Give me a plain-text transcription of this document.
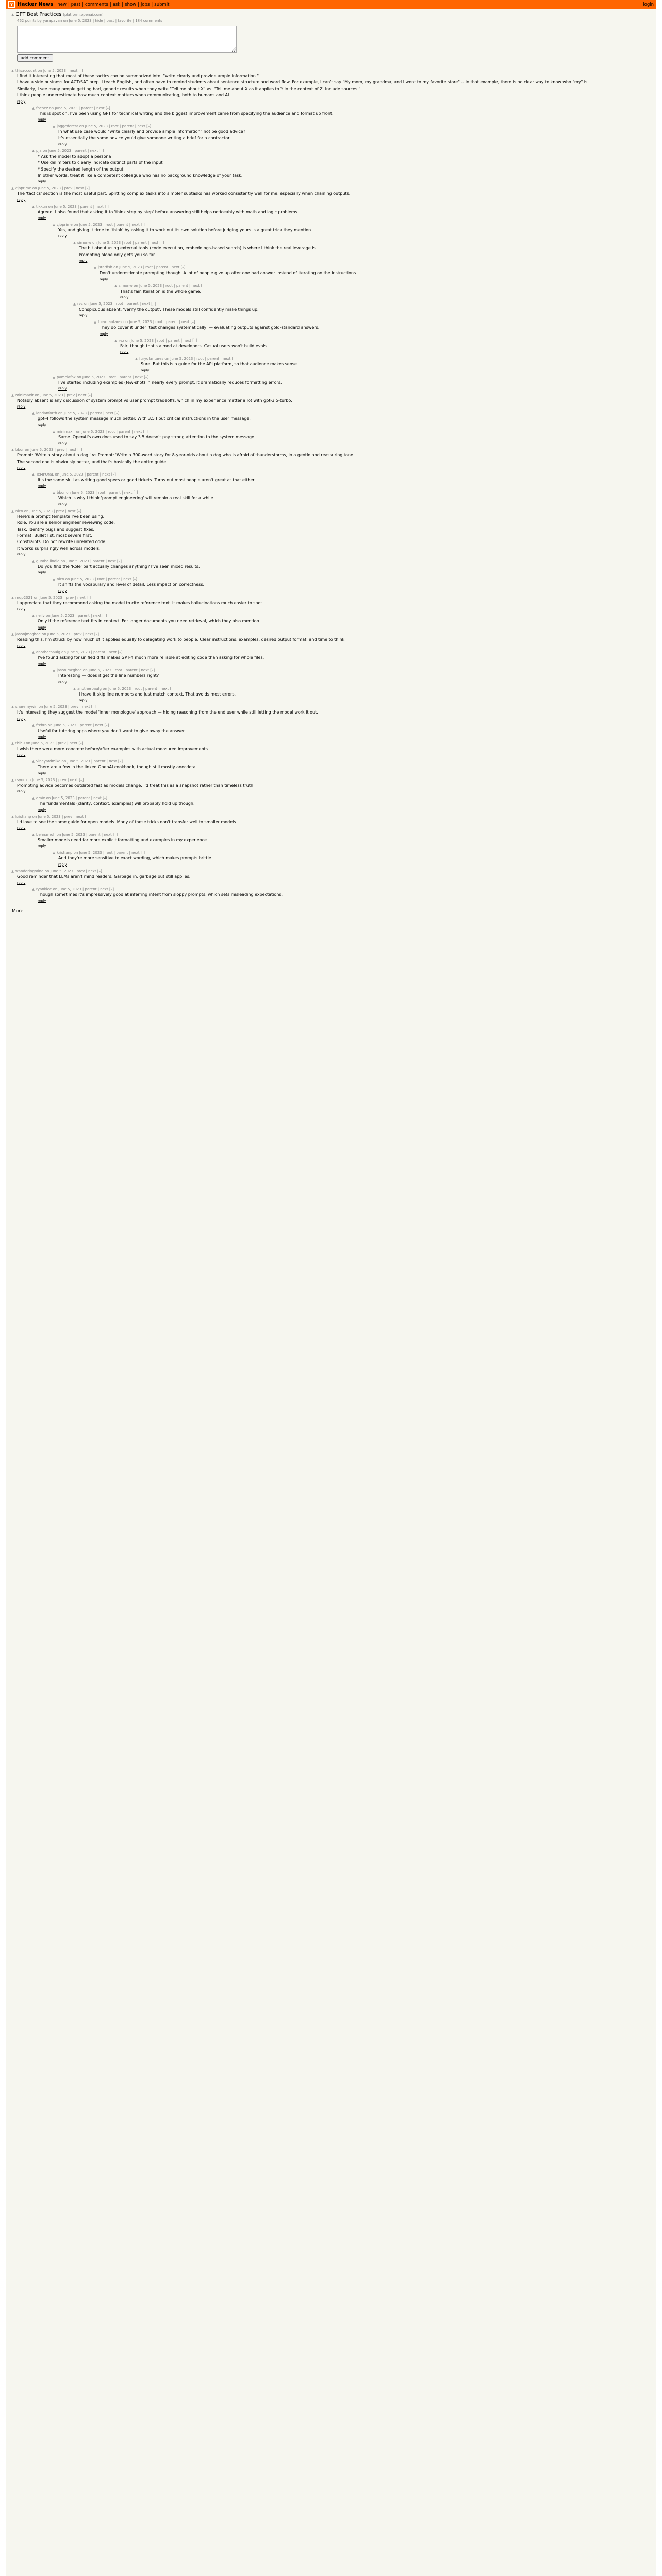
Y Hacker News new | past | comments | ask | show | jobs | submit	login
▲ GPT Best Practices (platform.openai.com)
462 points by yarapavan on June 5, 2023 | hide | past | favorite | 184 comments
add comment
▲ thisaccount on June 5, 2023 | next [–]

I find it interesting that most of these tactics can be summarized into: "write clearly and provide ample information."

I have a side business for ACT/SAT prep. I teach English, and often have to remind students about sentence structure and word flow. For example, I can't say "My mom, my grandma, and I went to my favorite store" -- in that example, there is no clear way to know who "my" is.

Similarly, I see many people getting bad, generic results when they write "Tell me about X" vs. "Tell me about X as it applies to Y in the context of Z. Include sources."

I think people underestimate how much context matters when communicating, both to humans and AI.

reply
▲ fbchez on June 5, 2023 | parent | next [–]

This is spot on. I've been using GPT for technical writing and the biggest improvement came from specifying the audience and format up front.

reply
▲ jaggederest on June 5, 2023 | root | parent | next [–]

In what use case would "write clearly and provide ample information" not be good advice?

It's essentially the same advice you'd give someone writing a brief for a contractor.

reply
▲ pja on June 5, 2023 | parent | next [–]

* Ask the model to adopt a persona

* Use delimiters to clearly indicate distinct parts of the input

* Specify the desired length of the output

In other words, treat it like a competent colleague who has no background knowledge of your task.

reply
▲ cjbprime on June 5, 2023 | prev | next [–]

The 'tactics' section is the most useful part. Splitting complex tasks into simpler subtasks has worked consistently well for me, especially when chaining outputs.

reply
▲ tikkun on June 5, 2023 | parent | next [–]

Agreed. I also found that asking it to 'think step by step' before answering still helps noticeably with math and logic problems.

reply
▲ cjbprime on June 5, 2023 | root | parent | next [–]

Yes, and giving it time to 'think' by asking it to work out its own solution before judging yours is a great trick they mention.

reply
▲ simonw on June 5, 2023 | root | parent | next [–]

The bit about using external tools (code execution, embeddings-based search) is where I think the real leverage is.

Prompting alone only gets you so far.

reply
▲ jstarfish on June 5, 2023 | root | parent | next [–]

Don't underestimate prompting though. A lot of people give up after one bad answer instead of iterating on the instructions.

reply
▲ simonw on June 5, 2023 | root | parent | next [–]

That's fair. Iteration is the whole game.

reply
▲ rvz on June 5, 2023 | root | parent | next [–]

Conspicuous absent: 'verify the output'. These models still confidently make things up.

reply
▲ furyofantares on June 5, 2023 | root | parent | next [–]

They do cover it under 'test changes systematically' — evaluating outputs against gold-standard answers.

reply
▲ rvz on June 5, 2023 | root | parent | next [–]

Fair, though that's aimed at developers. Casual users won't build evals.

reply
▲ furyofantares on June 5, 2023 | root | parent | next [–]

Sure. But this is a guide for the API platform, so that audience makes sense.

reply
▲ pamelafox on June 5, 2023 | root | parent | next [–]

I've started including examples (few-shot) in nearly every prompt. It dramatically reduces formatting errors.

reply
▲ minimaxir on June 5, 2023 | prev | next [–]

Notably absent is any discussion of system prompt vs user prompt tradeoffs, which in my experience matter a lot with gpt-3.5-turbo.

reply
▲ iandanforth on June 5, 2023 | parent | next [–]

gpt-4 follows the system message much better. With 3.5 I put critical instructions in the user message.

reply
▲ minimaxir on June 5, 2023 | root | parent | next [–]

Same. OpenAI's own docs used to say 3.5 doesn't pay strong attention to the system message.

reply
▲ bbor on June 5, 2023 | prev | next [–]

Prompt: 'Write a story about a dog.' vs Prompt: 'Write a 300-word story for 8-year-olds about a dog who is afraid of thunderstorms, in a gentle and reassuring tone.'

The second one is obviously better, and that's basically the entire guide.

reply
▲ TeMPOraL on June 5, 2023 | parent | next [–]

It's the same skill as writing good specs or good tickets. Turns out most people aren't great at that either.

reply
▲ bbor on June 5, 2023 | root | parent | next [–]

Which is why I think 'prompt engineering' will remain a real skill for a while.

reply
▲ nico on June 5, 2023 | prev | next [–]

Here's a prompt template I've been using:

Role: You are a senior engineer reviewing code.

Task: Identify bugs and suggest fixes.

Format: Bullet list, most severe first.

Constraints: Do not rewrite unrelated code.

It works surprisingly well across models.

reply
▲ gumballindie on June 5, 2023 | parent | next [–]

Do you find the 'Role' part actually changes anything? I've seen mixed results.

reply
▲ nico on June 5, 2023 | root | parent | next [–]

It shifts the vocabulary and level of detail. Less impact on correctness.

reply
▲ mdp2021 on June 5, 2023 | prev | next [–]

I appreciate that they recommend asking the model to cite reference text. It makes hallucinations much easier to spot.

reply
▲ neilv on June 5, 2023 | parent | next [–]

Only if the reference text fits in context. For longer documents you need retrieval, which they also mention.

reply
▲ jasonjmcghee on June 5, 2023 | prev | next [–]

Reading this, I'm struck by how much of it applies equally to delegating work to people. Clear instructions, examples, desired output format, and time to think.

reply
▲ anotherpaulg on June 5, 2023 | parent | next [–]

I've found asking for unified diffs makes GPT-4 much more reliable at editing code than asking for whole files.

reply
▲ jasonjmcghee on June 5, 2023 | root | parent | next [–]

Interesting — does it get the line numbers right?

reply
▲ anotherpaulg on June 5, 2023 | root | parent | next [–]

I have it skip line numbers and just match context. That avoids most errors.

reply
▲ sharemywin on June 5, 2023 | prev | next [–]

It's interesting they suggest the model 'inner monologue' approach — hiding reasoning from the end user while still letting the model work it out.

reply
▲ ftxbro on June 5, 2023 | parent | next [–]

Useful for tutoring apps where you don't want to give away the answer.

reply
▲ thih9 on June 5, 2023 | prev | next [–]

I wish there were more concrete before/after examples with actual measured improvements.

reply
▲ vineyardmike on June 5, 2023 | parent | next [–]

There are a few in the linked OpenAI cookbook, though still mostly anecdotal.

reply
▲ rsync on June 5, 2023 | prev | next [–]

Prompting advice becomes outdated fast as models change. I'd treat this as a snapshot rather than timeless truth.

reply
▲ dmix on June 5, 2023 | parent | next [–]

The fundamentals (clarity, context, examples) will probably hold up though.

reply
▲ kristianp on June 5, 2023 | prev | next [–]

I'd love to see the same guide for open models. Many of these tricks don't transfer well to smaller models.

reply
▲ behnamoh on June 5, 2023 | parent | next [–]

Smaller models need far more explicit formatting and examples in my experience.

reply
▲ kristianp on June 5, 2023 | root | parent | next [–]

And they're more sensitive to exact wording, which makes prompts brittle.

reply
▲ wanderingmind on June 5, 2023 | prev | next [–]

Good reminder that LLMs aren't mind readers. Garbage in, garbage out still applies.

reply
▲ ryanklee on June 5, 2023 | parent | next [–]

Though sometimes it's impressively good at inferring intent from sloppy prompts, which sets misleading expectations.

reply
More
